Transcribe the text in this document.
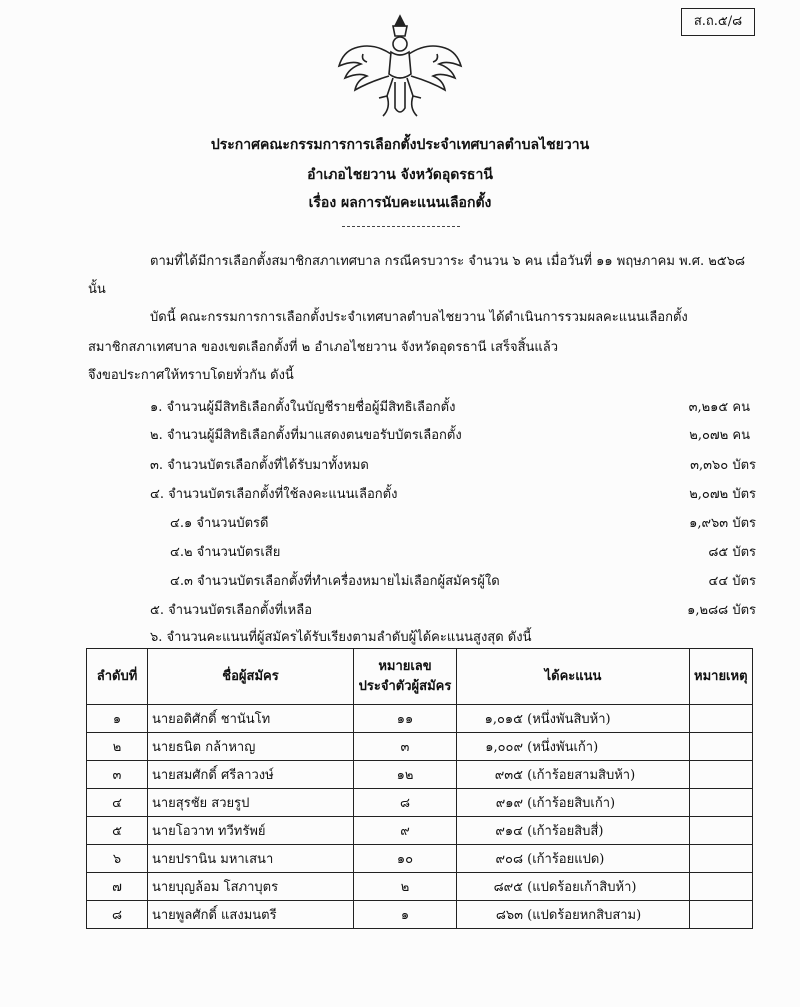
ส.ถ.๕/๘
ประกาศคณะกรรมการการเลือกตั้งประจำเทศบาลตำบลไชยวาน
อำเภอไชยวาน จังหวัดอุดรธานี
เรื่อง ผลการนับคะแนนเลือกตั้ง
ตามที่ได้มีการเลือกตั้งสมาชิกสภาเทศบาล กรณีครบวาระ จำนวน ๖ คน เมื่อวันที่ ๑๑ พฤษภาคม พ.ศ. ๒๕๖๘
นั้น
บัดนี้ คณะกรรมการการเลือกตั้งประจำเทศบาลตำบลไชยวาน ได้ดำเนินการรวมผลคะแนนเลือกตั้ง
สมาชิกสภาเทศบาล ของเขตเลือกตั้งที่ ๒ อำเภอไชยวาน จังหวัดอุดรธานี เสร็จสิ้นแล้ว
จึงขอประกาศให้ทราบโดยทั่วกัน ดังนี้
๑. จำนวนผู้มีสิทธิเลือกตั้งในบัญชีรายชื่อผู้มีสิทธิเลือกตั้ง	๓,๒๑๕ คน
๒. จำนวนผู้มีสิทธิเลือกตั้งที่มาแสดงตนขอรับบัตรเลือกตั้ง	๒,๐๗๒ คน
๓. จำนวนบัตรเลือกตั้งที่ได้รับมาทั้งหมด	๓,๓๖๐ บัตร
๔. จำนวนบัตรเลือกตั้งที่ใช้ลงคะแนนเลือกตั้ง	๒,๐๗๒ บัตร
๔.๑ จำนวนบัตรดี	๑,๙๖๓ บัตร
๔.๒ จำนวนบัตรเสีย	๘๕ บัตร
๔.๓ จำนวนบัตรเลือกตั้งที่ทำเครื่องหมายไม่เลือกผู้สมัครผู้ใด	๔๔ บัตร
๕. จำนวนบัตรเลือกตั้งที่เหลือ	๑,๒๘๘ บัตร
๖. จำนวนคะแนนที่ผู้สมัครได้รับเรียงตามลำดับผู้ได้คะแนนสูงสุด ดังนี้
ลำดับที่	ชื่อผู้สมัคร	หมายเลข
ประจำตัวผู้สมัคร	ได้คะแนน	หมายเหตุ
๑	นายอดิศักดิ์ ชานันโท	๑๑	๑,๐๑๕ (หนึ่งพันสิบห้า)	
๒	นายธนิต กล้าหาญ	๓	๑,๐๐๙ (หนึ่งพันเก้า)	
๓	นายสมศักดิ์ ศรีลาวงษ์	๑๒	๙๓๕ (เก้าร้อยสามสิบห้า)	
๔	นายสุรชัย สวยรูป	๘	๙๑๙ (เก้าร้อยสิบเก้า)	
๕	นายโอวาท ทวีทรัพย์	๙	๙๑๔ (เก้าร้อยสิบสี่)	
๖	นายปรานิน มหาเสนา	๑๐	๙๐๘ (เก้าร้อยแปด)	
๗	นายบุญล้อม โสภาบุตร	๒	๘๙๕ (แปดร้อยเก้าสิบห้า)	
๘	นายพูลศักดิ์ แสงมนตรี	๑	๘๖๓ (แปดร้อยหกสิบสาม)	
